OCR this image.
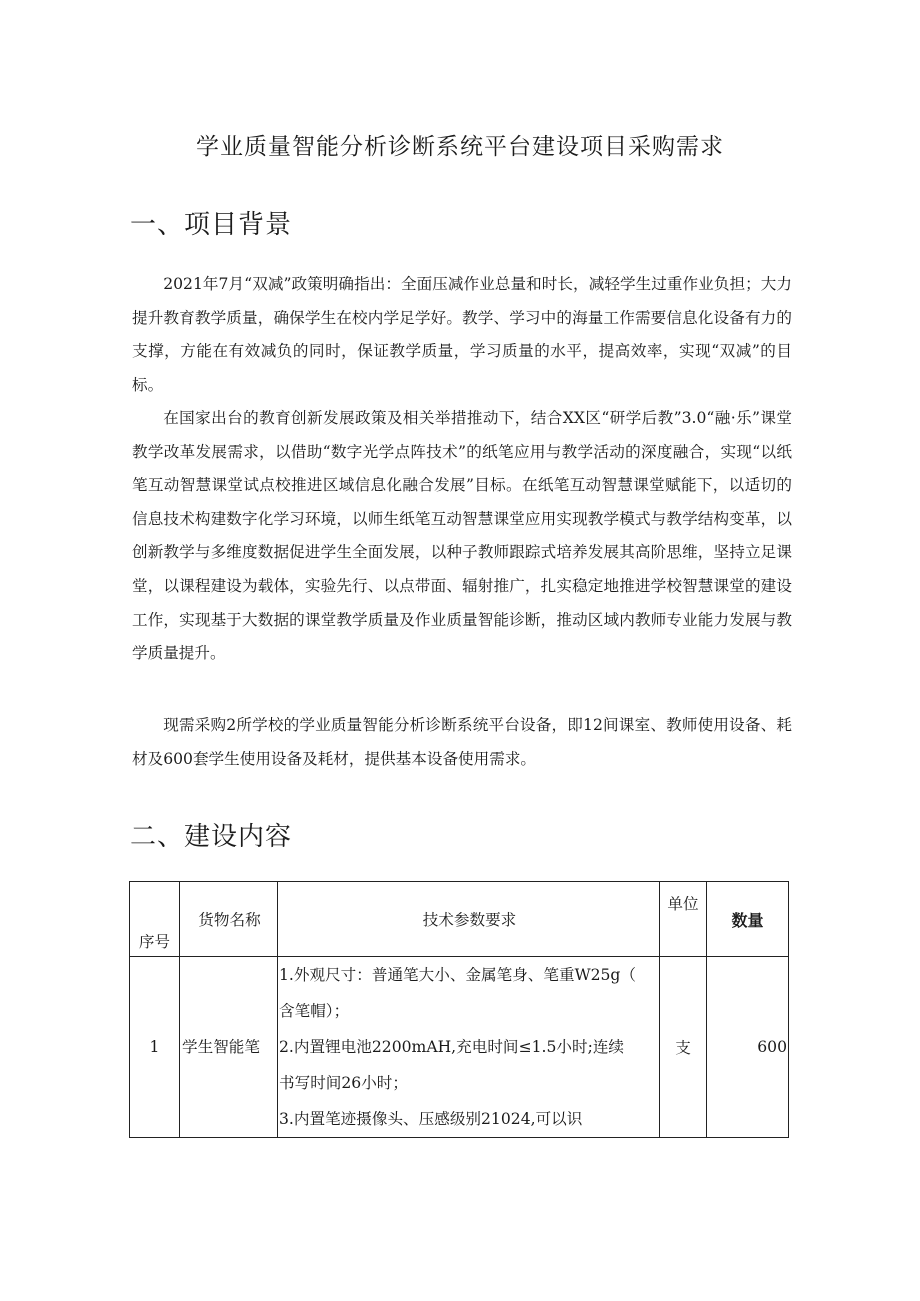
学业质量智能分析诊断系统平台建设项目采购需求
一、项目背景

2021年7月“双减”政策明确指出：全面压减作业总量和时长，减轻学生过重作业负担；大力提升教育教学质量，确保学生在校内学足学好。教学、学习中的海量工作需要信息化设备有力的支撑，方能在有效减负的同时，保证教学质量，学习质量的水平，提高效率，实现“双减”的目标。

在国家出台的教育创新发展政策及相关举措推动下，结合XX区“研学后教”3.0“融·乐”课堂教学改革发展需求，以借助“数字光学点阵技术”的纸笔应用与教学活动的深度融合，实现“以纸笔互动智慧课堂试点校推进区域信息化融合发展”目标。在纸笔互动智慧课堂赋能下，以适切的信息技术构建数字化学习环境，以师生纸笔互动智慧课堂应用实现教学模式与教学结构变革，以创新教学与多维度数据促进学生全面发展，以种子教师跟踪式培养发展其高阶思维，坚持立足课堂，以课程建设为载体，实验先行、以点带面、辐射推广，扎实稳定地推进学校智慧课堂的建设工作，实现基于大数据的课堂教学质量及作业质量智能诊断，推动区域内教师专业能力发展与教学质量提升。

现需采购2所学校的学业质量智能分析诊断系统平台设备，即12间课室、教师使用设备、耗材及600套学生使用设备及耗材，提供基本设备使用需求。

二、建设内容
序号	货物名称	技术参数要求	单位	数量
1	学生智能笔	1.外观尺寸：普通笔大小、金属笔身、笔重W25g（
含笔帽）；
2.内置锂电池2200mAH,充电时间≤1.5小时;连续
书写时间26小时；
3.内置笔迹摄像头、压感级别21024,可以识	支	600
